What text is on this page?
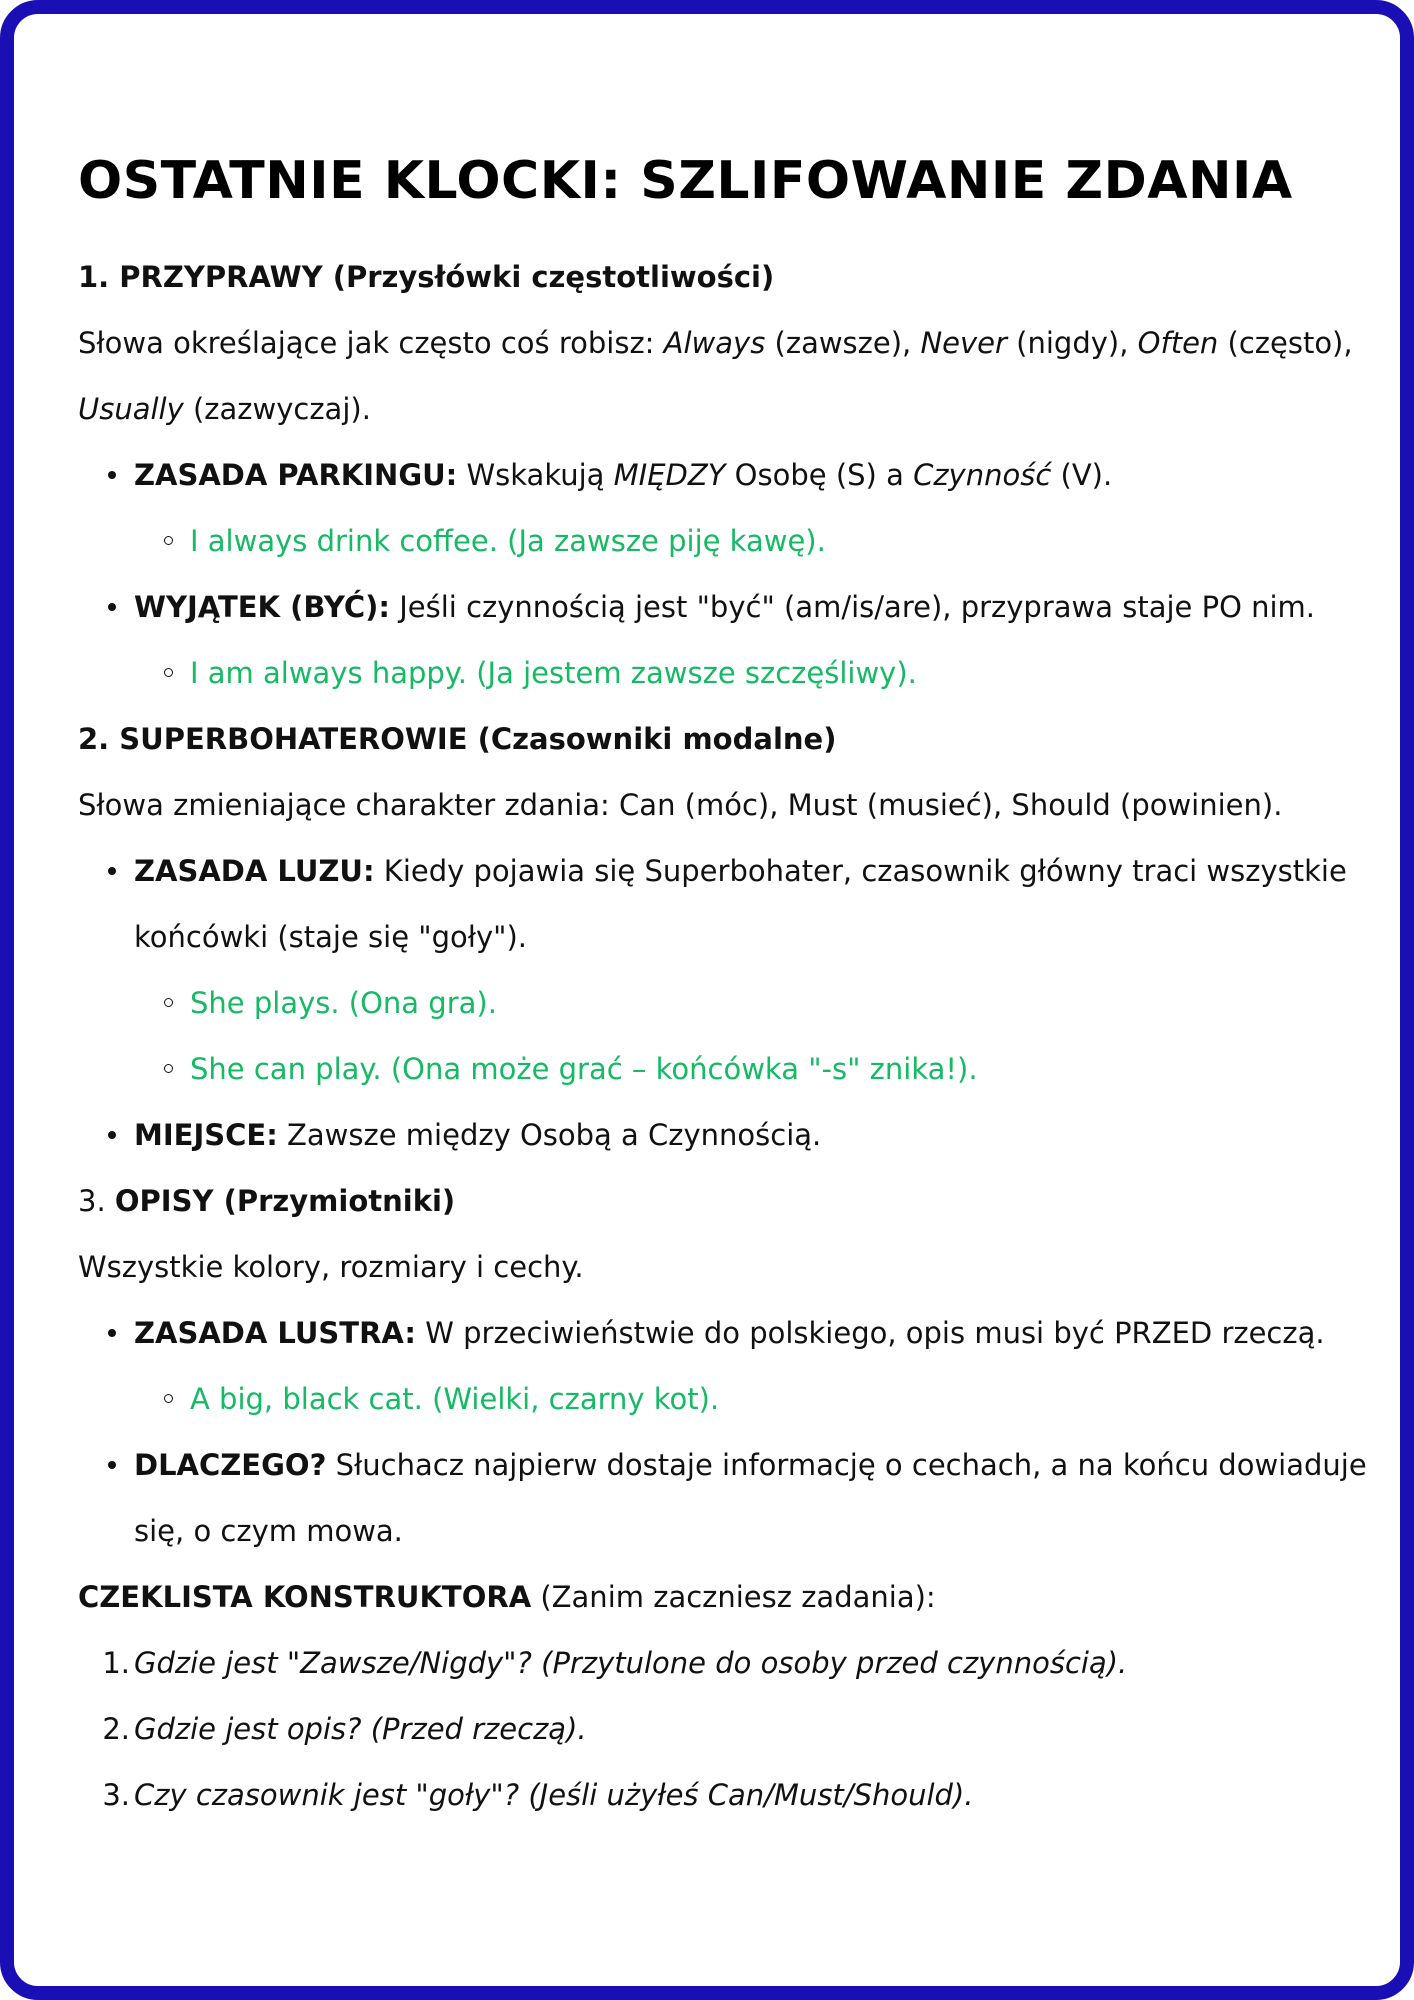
OSTATNIE KLOCKI: SZLIFOWANIE ZDANIA

1. PRZYPRAWY (Przysłówki częstotliwości)

Słowa określające jak często coś robisz: Always (zawsze), Never (nigdy), Often (często),
Usually (zazwyczaj).

ZASADA PARKINGU: Wskakują MIĘDZY Osobę (S) a Czynność (V).
I always drink coffee. (Ja zawsze piję kawę).
WYJĄTEK (BYĆ): Jeśli czynnością jest "być" (am/is/are), przyprawa staje PO nim.
I am always happy. (Ja jestem zawsze szczęśliwy).

2. SUPERBOHATEROWIE (Czasowniki modalne)

Słowa zmieniające charakter zdania: Can (móc), Must (musieć), Should (powinien).

ZASADA LUZU: Kiedy pojawia się Superbohater, czasownik główny traci wszystkie końcówki (staje się "goły").
She plays. (Ona gra).
She can play. (Ona może grać – końcówka "-s" znika!).
MIEJSCE: Zawsze między Osobą a Czynnością.

3. OPISY (Przymiotniki)

Wszystkie kolory, rozmiary i cechy.

ZASADA LUSTRA: W przeciwieństwie do polskiego, opis musi być PRZED rzeczą.
A big, black cat. (Wielki, czarny kot).
DLACZEGO? Słuchacz najpierw dostaje informację o cechach, a na końcu dowiaduje się, o czym mowa.

CZEKLISTA KONSTRUKTORA (Zanim zaczniesz zadania):

1. Gdzie jest "Zawsze/Nigdy"? (Przytulone do osoby przed czynnością).
2. Gdzie jest opis? (Przed rzeczą).
3. Czy czasownik jest "goły"? (Jeśli użyłeś Can/Must/Should).
